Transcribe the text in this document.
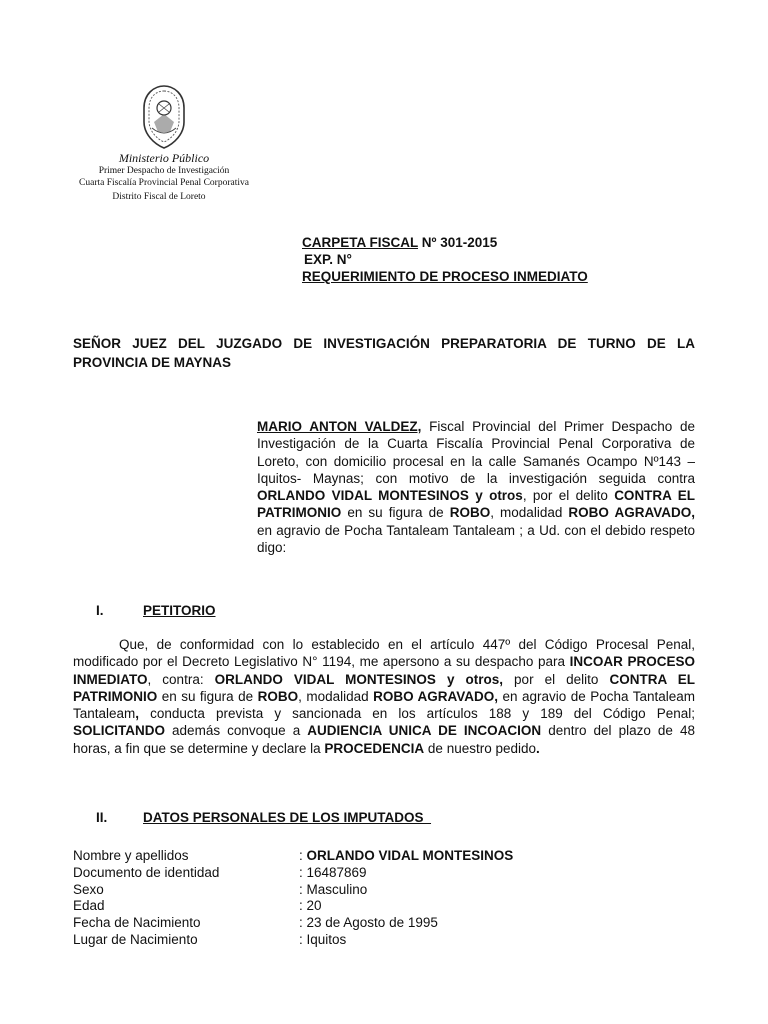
Ministerio Público
Primer Despacho de Investigación
Cuarta Fiscalía Provincial Penal Corporativa
Distrito Fiscal de Loreto
CARPETA FISCAL Nº 301-2015
EXP. N°
REQUERIMIENTO DE PROCESO INMEDIATO
SEÑOR JUEZ DEL JUZGADO DE INVESTIGACIÓN PREPARATORIA DE TURNO DE LA PROVINCIA DE MAYNAS
MARIO ANTON VALDEZ, Fiscal Provincial del Primer Despacho de Investigación de la Cuarta Fiscalía Provincial Penal Corporativa de Loreto, con domicilio procesal en la calle Samanés Ocampo Nº143 – Iquitos- Maynas; con motivo de la investigación seguida contra ORLANDO VIDAL MONTESINOS y otros, por el delito CONTRA EL PATRIMONIO en su figura de ROBO, modalidad ROBO AGRAVADO, en agravio de Pocha Tantaleam Tantaleam ; a Ud. con el debido respeto digo:
I.	PETITORIO
Que, de conformidad con lo establecido en el artículo 447º del Código Procesal Penal, modificado por el Decreto Legislativo N° 1194, me apersono a su despacho para INCOAR PROCESO INMEDIATO, contra: ORLANDO VIDAL MONTESINOS y otros, por el delito CONTRA EL PATRIMONIO en su figura de ROBO, modalidad ROBO AGRAVADO, en agravio de Pocha Tantaleam Tantaleam, conducta prevista y sancionada en los artículos 188 y 189 del Código Penal; SOLICITANDO además convoque a AUDIENCIA UNICA DE INCOACION dentro del plazo de 48 horas, a fin que se determine y declare la PROCEDENCIA de nuestro pedido.
II.	DATOS PERSONALES DE LOS IMPUTADOS
Nombre y apellidos	: ORLANDO VIDAL MONTESINOS
Documento de identidad	: 16487869
Sexo	: Masculino
Edad	: 20
Fecha de Nacimiento	: 23 de Agosto de 1995
Lugar de Nacimiento	: Iquitos
